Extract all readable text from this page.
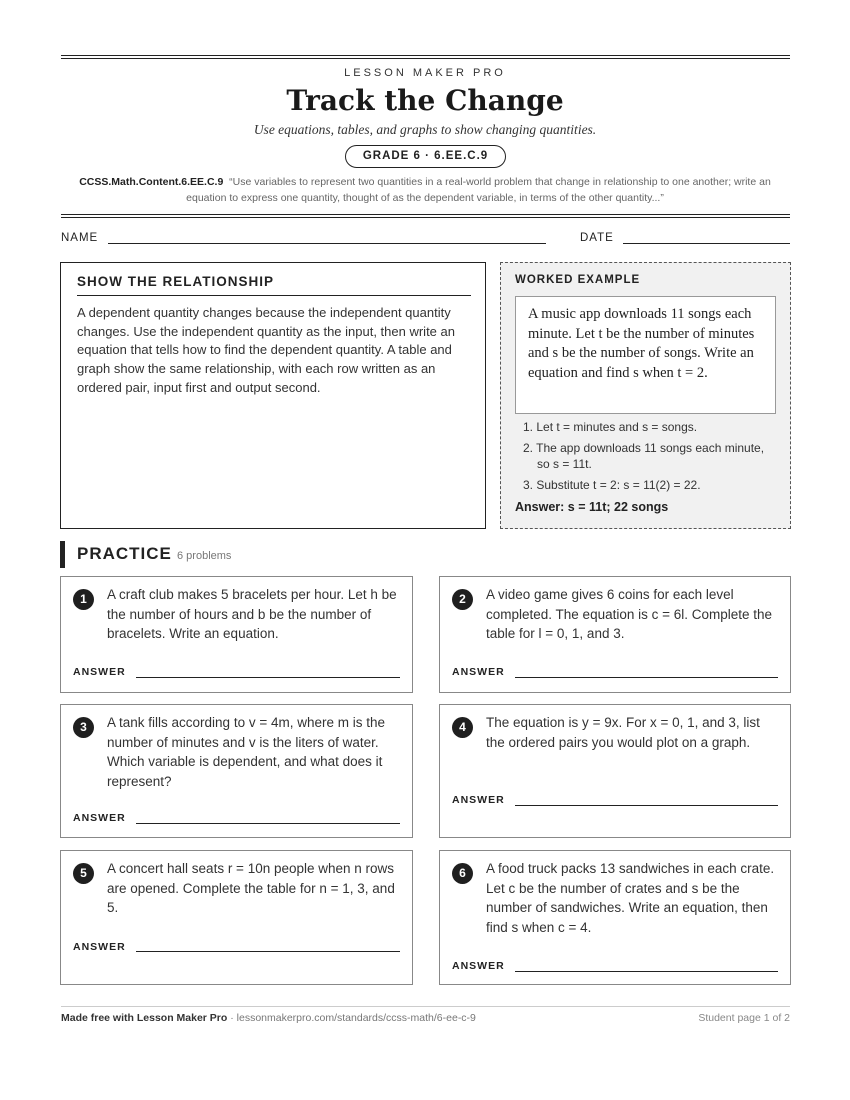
LESSON MAKER PRO
Track the Change
Use equations, tables, and graphs to show changing quantities.
GRADE 6 · 6.EE.C.9
CCSS.Math.Content.6.EE.C.9 “Use variables to represent two quantities in a real-world problem that change in relationship to one another; write an equation to express one quantity, thought of as the dependent variable, in terms of the other quantity...”
NAME	DATE
SHOW THE RELATIONSHIP
A dependent quantity changes because the independent quantity changes. Use the independent quantity as the input, then write an equation that tells how to find the dependent quantity. A table and graph show the same relationship, with each row written as an ordered pair, input first and output second.
WORKED EXAMPLE
A music app downloads 11 songs each minute. Let t be the number of minutes and s be the number of songs. Write an equation and find s when t = 2.
1. Let t = minutes and s = songs.
2. The app downloads 11 songs each minute, so s = 11t.
3. Substitute t = 2: s = 11(2) = 22.
Answer: s = 11t; 22 songs
PRACTICE 6 problems
1	A craft club makes 5 bracelets per hour. Let h be the number of hours and b be the number of bracelets. Write an equation.
ANSWER
2	A video game gives 6 coins for each level completed. The equation is c = 6l. Complete the table for l = 0, 1, and 3.
ANSWER
3	A tank fills according to v = 4m, where m is the number of minutes and v is the liters of water. Which variable is dependent, and what does it represent?
ANSWER
4	The equation is y = 9x. For x = 0, 1, and 3, list the ordered pairs you would plot on a graph.
ANSWER
5	A concert hall seats r = 10n people when n rows are opened. Complete the table for n = 1, 3, and 5.
ANSWER
6	A food truck packs 13 sandwiches in each crate. Let c be the number of crates and s be the number of sandwiches. Write an equation, then find s when c = 4.
ANSWER
Made free with Lesson Maker Pro · lessonmakerpro.com/standards/ccss-math/6-ee-c-9	Student page 1 of 2
